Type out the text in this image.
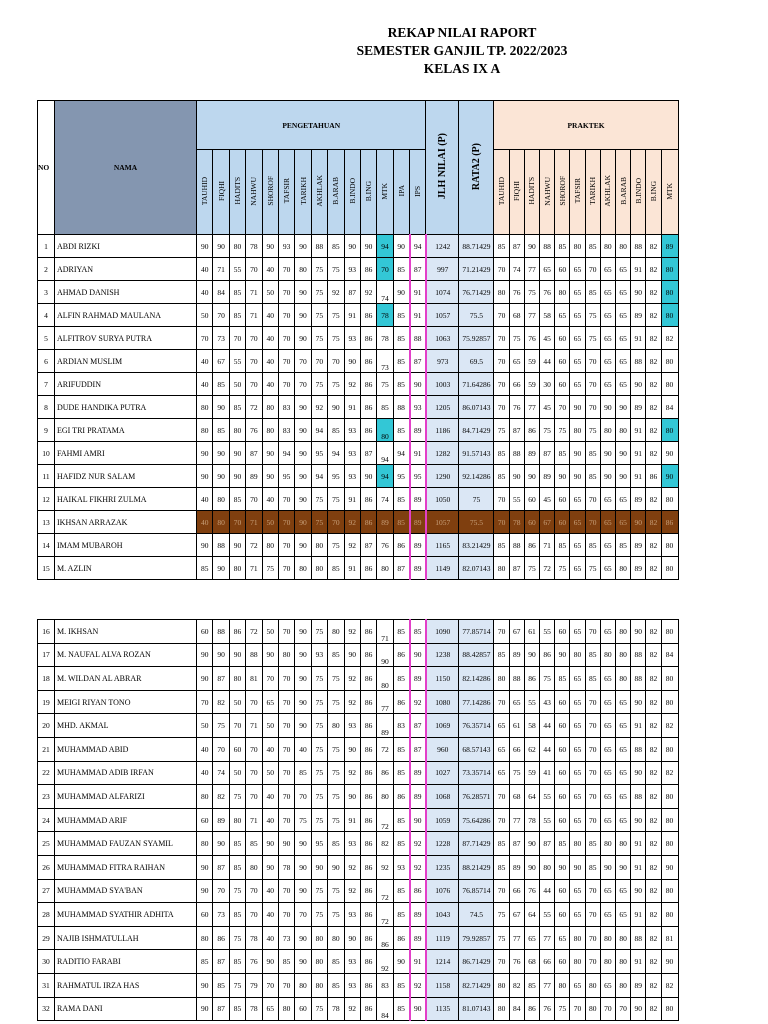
REKAP NILAI RAPORT
SEMESTER GANJIL TP. 2022/2023
KELAS IX A
NO	NAMA	PENGETAHUAN														JLH NILAI (P)	RATA2 (P)	PRAKTEK											
		TAUHID	FIQHI	HADITS	NAHWU	SHOROF	TAFSIR	TARIKH	AKHLAK	B.ARAB	B.INDO	B.ING	MTK	IPA	IPS			TAUHID	FIQHI	HADITS	NAHWU	SHOROF	TAFSIR	TARIKH	AKHLAK	B.ARAB	B.INDO	B.ING	MTK
1	ABDI RIZKI	90	90	80	78	90	93	90	88	85	90	90	94	90	94	1242	88.71429	85	87	90	88	85	80	85	80	80	88	82	89
2	ADRIYAN	40	71	55	70	40	70	80	75	75	93	86	70	85	87	997	71.21429	70	74	77	65	60	65	70	65	65	91	82	80
3	AHMAD DANISH	40	84	85	71	50	70	90	75	92	87	92	74	90	91	1074	76.71429	80	76	75	76	80	65	85	65	65	90	82	80
4	ALFIN RAHMAD MAULANA	50	70	85	71	40	70	90	75	75	91	86	78	85	91	1057	75.5	70	68	77	58	65	65	75	65	65	89	82	80
5	ALFITROV SURYA PUTRA	70	73	70	70	40	70	90	75	75	93	86	78	85	88	1063	75.92857	70	75	76	45	60	65	75	65	65	91	82	82
6	ARDIAN MUSLIM	40	67	55	70	40	70	70	70	70	90	86	73	85	87	973	69.5	70	65	59	44	60	65	70	65	65	88	82	80
7	ARIFUDDIN	40	85	50	70	40	70	70	75	75	92	86	75	85	90	1003	71.64286	70	66	59	30	60	65	70	65	65	90	82	80
8	DUDE HANDIKA PUTRA	80	90	85	72	80	83	90	92	90	91	86	85	88	93	1205	86.07143	70	76	77	45	70	90	70	90	90	89	82	84
9	EGI TRI PRATAMA	80	85	80	76	80	83	90	94	85	93	86	80	85	89	1186	84.71429	75	87	86	75	75	80	75	80	80	91	82	80
10	FAHMI AMRI	90	90	90	87	90	94	90	95	94	93	87	94	94	91	1282	91.57143	85	88	89	87	85	90	85	90	90	91	82	90
11	HAFIDZ NUR SALAM	90	90	90	89	90	95	90	94	95	93	90	94	95	95	1290	92.14286	85	90	90	89	90	90	85	90	90	91	86	90
12	HAIKAL FIKHRI ZULMA	40	80	85	70	40	70	90	75	75	91	86	74	85	89	1050	75	70	55	60	45	60	65	70	65	65	89	82	80
13	IKHSAN ARRAZAK	40	80	70	71	50	70	90	75	70	92	86	89	85	89	1057	75.5	70	78	60	67	60	65	70	65	65	90	82	86
14	IMAM MUBAROH	90	88	90	72	80	70	90	80	75	92	87	76	86	89	1165	83.21429	85	88	86	71	85	65	85	65	85	89	82	80
15	M. AZLIN	85	90	80	71	75	70	80	80	85	91	86	80	87	89	1149	82.07143	80	87	75	72	75	65	75	65	80	89	82	80
16	M. IKHSAN	60	88	86	72	50	70	90	75	80	92	86	71	85	85	1090	77.85714	70	67	61	55	60	65	70	65	80	90	82	80
17	M. NAUFAL ALVA ROZAN	90	90	90	88	90	80	90	93	85	90	86	90	86	90	1238	88.42857	85	89	90	86	90	80	85	80	80	88	82	84
18	M. WILDAN AL ABRAR	90	87	80	81	70	70	90	75	75	92	86	80	85	89	1150	82.14286	80	88	86	75	85	65	85	65	80	88	82	80
19	MEIGI RIYAN TONO	70	82	50	70	65	70	90	75	75	92	86	77	86	92	1080	77.14286	70	65	55	43	60	65	70	65	65	90	82	80
20	MHD. AKMAL	50	75	70	71	50	70	90	75	80	93	86	89	83	87	1069	76.35714	65	61	58	44	60	65	70	65	65	91	82	82
21	MUHAMMAD ABID	40	70	60	70	40	70	40	75	75	90	86	72	85	87	960	68.57143	65	66	62	44	60	65	70	65	65	88	82	80
22	MUHAMMAD ADIB IRFAN	40	74	50	70	50	70	85	75	75	92	86	86	85	89	1027	73.35714	65	75	59	41	60	65	70	65	65	90	82	82
23	MUHAMMAD ALFARIZI	80	82	75	70	40	70	70	75	75	90	86	80	86	89	1068	76.28571	70	68	64	55	60	65	70	65	65	88	82	80
24	MUHAMMAD ARIF	60	89	80	71	40	70	75	75	75	91	86	72	85	90	1059	75.64286	70	77	78	55	60	65	70	65	65	90	82	80
25	MUHAMMAD FAUZAN SYAMIL	80	90	85	85	90	90	90	95	85	93	86	82	85	92	1228	87.71429	85	87	90	87	85	80	85	80	80	91	82	80
26	MUHAMMAD FITRA RAIHAN	90	87	85	80	90	78	90	90	90	92	86	92	93	92	1235	88.21429	85	89	90	80	90	90	85	90	90	91	82	90
27	MUHAMMAD SYA'BAN	90	70	75	70	40	70	90	75	75	92	86	72	85	86	1076	76.85714	70	66	76	44	60	65	70	65	65	90	82	80
28	MUHAMMAD SYATHIR ADHITA	60	73	85	70	40	70	70	75	75	93	86	72	85	89	1043	74.5	75	67	64	55	60	65	70	65	65	91	82	80
29	NAJIB ISHMATULLAH	80	86	75	78	40	73	90	80	80	90	86	86	86	89	1119	79.92857	75	77	65	77	65	80	70	80	80	88	82	81
30	RADITIO FARABI	85	87	85	76	90	85	90	80	85	93	86	92	90	91	1214	86.71429	70	76	68	66	60	80	70	80	80	91	82	90
31	RAHMATUL IRZA HAS	90	85	75	79	70	70	80	80	85	93	86	83	85	92	1158	82.71429	80	82	85	77	80	65	80	65	80	89	82	82
32	RAMA DANI	90	87	85	78	65	80	60	75	78	92	86	84	85	90	1135	81.07143	80	84	86	76	75	70	80	70	70	90	82	80
